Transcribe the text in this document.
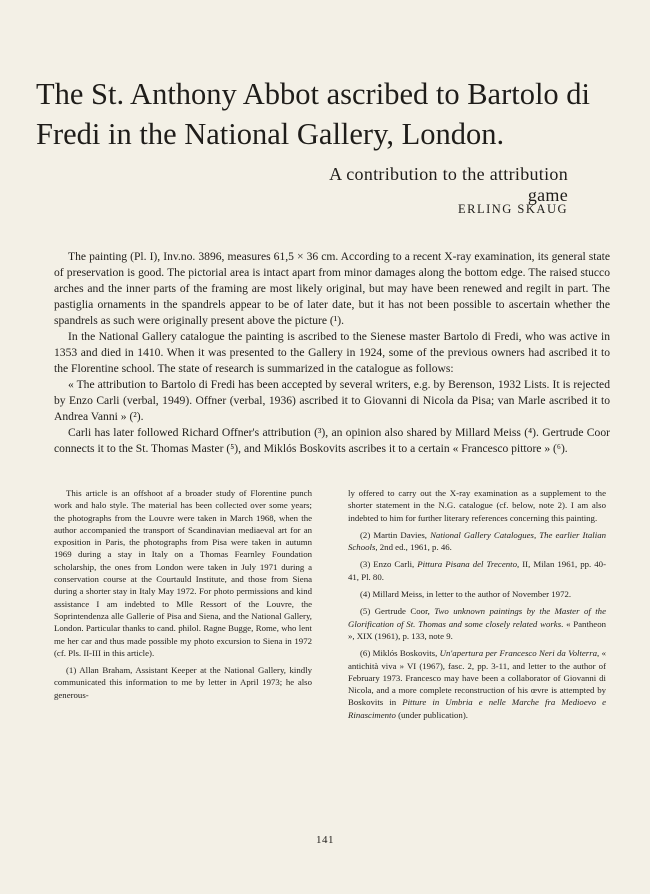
The St. Anthony Abbot ascribed to Bartolo di Fredi in the National Gallery, London.
A contribution to the attribution game
ERLING SKAUG

The painting (Pl. I), Inv.no. 3896, measures 61,5 × 36 cm. According to a recent X-ray examination, its general state of preservation is good. The pictorial area is intact apart from minor damages along the bottom edge. The raised stucco arches and the inner parts of the framing are most likely original, but may have been renewed and regilt in part. The pastiglia ornaments in the spandrels appear to be of later date, but it has not been possible to ascertain whether the spandrels as such were originally present above the picture (¹).

In the National Gallery catalogue the painting is ascribed to the Sienese master Bartolo di Fredi, who was active in 1353 and died in 1410. When it was presented to the Gallery in 1924, some of the previous owners had ascribed it to the Florentine school. The state of research is summarized in the catalogue as follows:

« The attribution to Bartolo di Fredi has been accepted by several writers, e.g. by Berenson, 1932 Lists. It is rejected by Enzo Carli (verbal, 1949). Offner (verbal, 1936) ascribed it to Giovanni di Nicola da Pisa; van Marle ascribed it to Andrea Vanni » (²).

Carli has later followed Richard Offner's attribution (³), an opinion also shared by Millard Meiss (⁴). Gertrude Coor connects it to the St. Thomas Master (⁵), and Miklós Boskovits ascribes it to a certain « Francesco pittore » (⁶).

This article is an offshoot af a broader study of Florentine punch work and halo style. The material has been collected over some years; the photographs from the Louvre were taken in March 1968, when the author accompanied the transport of Scandinavian mediaeval art for an exposition in Paris, the photographs from Pisa were taken in autumn 1969 during a stay in Italy on a Thomas Fearnley Foundation scholarship, the ones from London were taken in July 1971 during a conservation course at the Courtauld Institute, and those from Siena during a shorter stay in Italy May 1972. For photo permissions and kind assistance I am indebted to Mlle Ressort of the Louvre, the Soprintendenza alle Gallerie of Pisa and Siena, and the National Gallery, London. Particular thanks to cand. philol. Ragne Bugge, Rome, who lent me her car and thus made possible my photo excursion to Siena in 1972 (cf. Pls. II-III in this article).

(1) Allan Braham, Assistant Keeper at the National Gallery, kindly communicated this information to me by letter in April 1973; he also generous-

ly offered to carry out the X-ray examination as a supplement to the shorter statement in the N.G. catalogue (cf. below, note 2). I am also indebted to him for further literary references concerning this painting.

(2) Martin Davies, National Gallery Catalogues, The earlier Italian Schools, 2nd ed., 1961, p. 46.

(3) Enzo Carli, Pittura Pisana del Trecento, II, Milan 1961, pp. 40-41, Pl. 80.

(4) Millard Meiss, in letter to the author of November 1972.

(5) Gertrude Coor, Two unknown paintings by the Master of the Glorification of St. Thomas and some closely related works. « Pantheon », XIX (1961), p. 133, note 9.

(6) Miklós Boskovits, Un'apertura per Francesco Neri da Volterra, « antichità viva » VI (1967), fasc. 2, pp. 3-11, and letter to the author of February 1973. Francesco may have been a collaborator of Giovanni di Nicola, and a more complete reconstruction of his œvre is attempted by Boskovits in Pitture in Umbria e nelle Marche fra Medioevo e Rinascimento (under publication).

141
